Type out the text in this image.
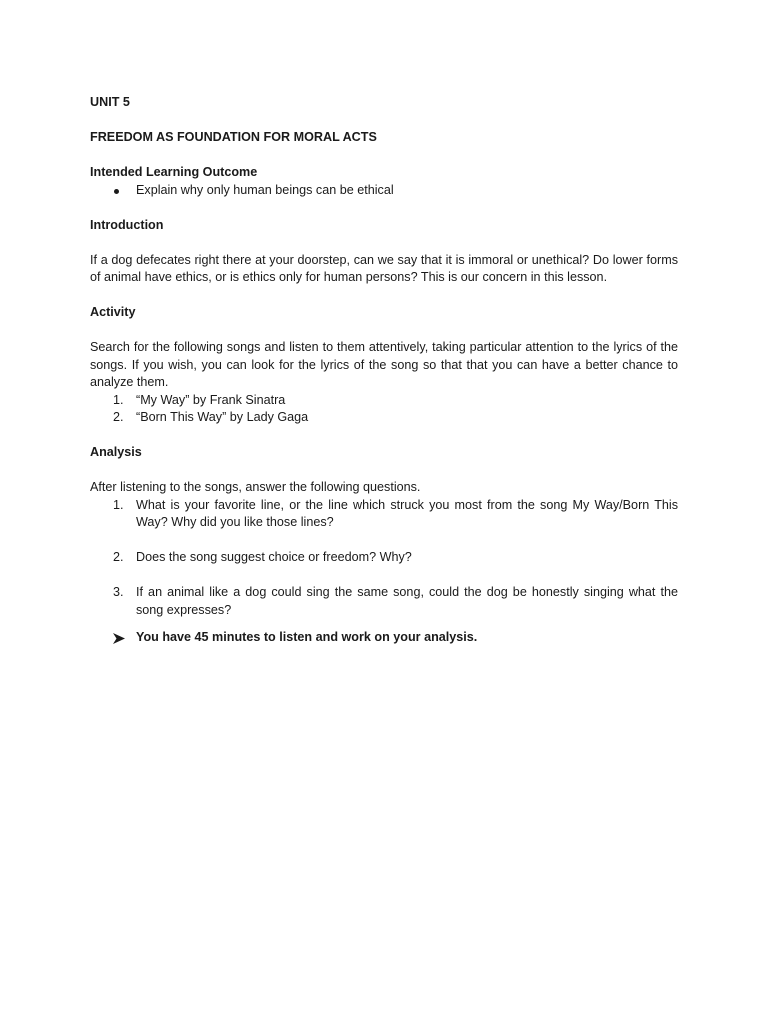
UNIT 5

FREEDOM AS FOUNDATION FOR MORAL ACTS

Intended Learning Outcome

Explain why only human beings can be ethical

Introduction

If a dog defecates right there at your doorstep, can we say that it is immoral or unethical? Do lower forms of animal have ethics, or is ethics only for human persons? This is our concern in this lesson.

Activity

Search for the following songs and listen to them attentively, taking particular attention to the lyrics of the songs. If you wish, you can look for the lyrics of the song so that that you can have a better chance to analyze them.

1. “My Way” by Frank Sinatra
2. “Born This Way” by Lady Gaga

Analysis

After listening to the songs, answer the following questions.

1. What is your favorite line, or the line which struck you most from the song My Way/Born This Way? Why did you like those lines?
2. Does the song suggest choice or freedom? Why?
3. If an animal like a dog could sing the same song, could the dog be honestly singing what the song expresses?
You have 45 minutes to listen and work on your analysis.
